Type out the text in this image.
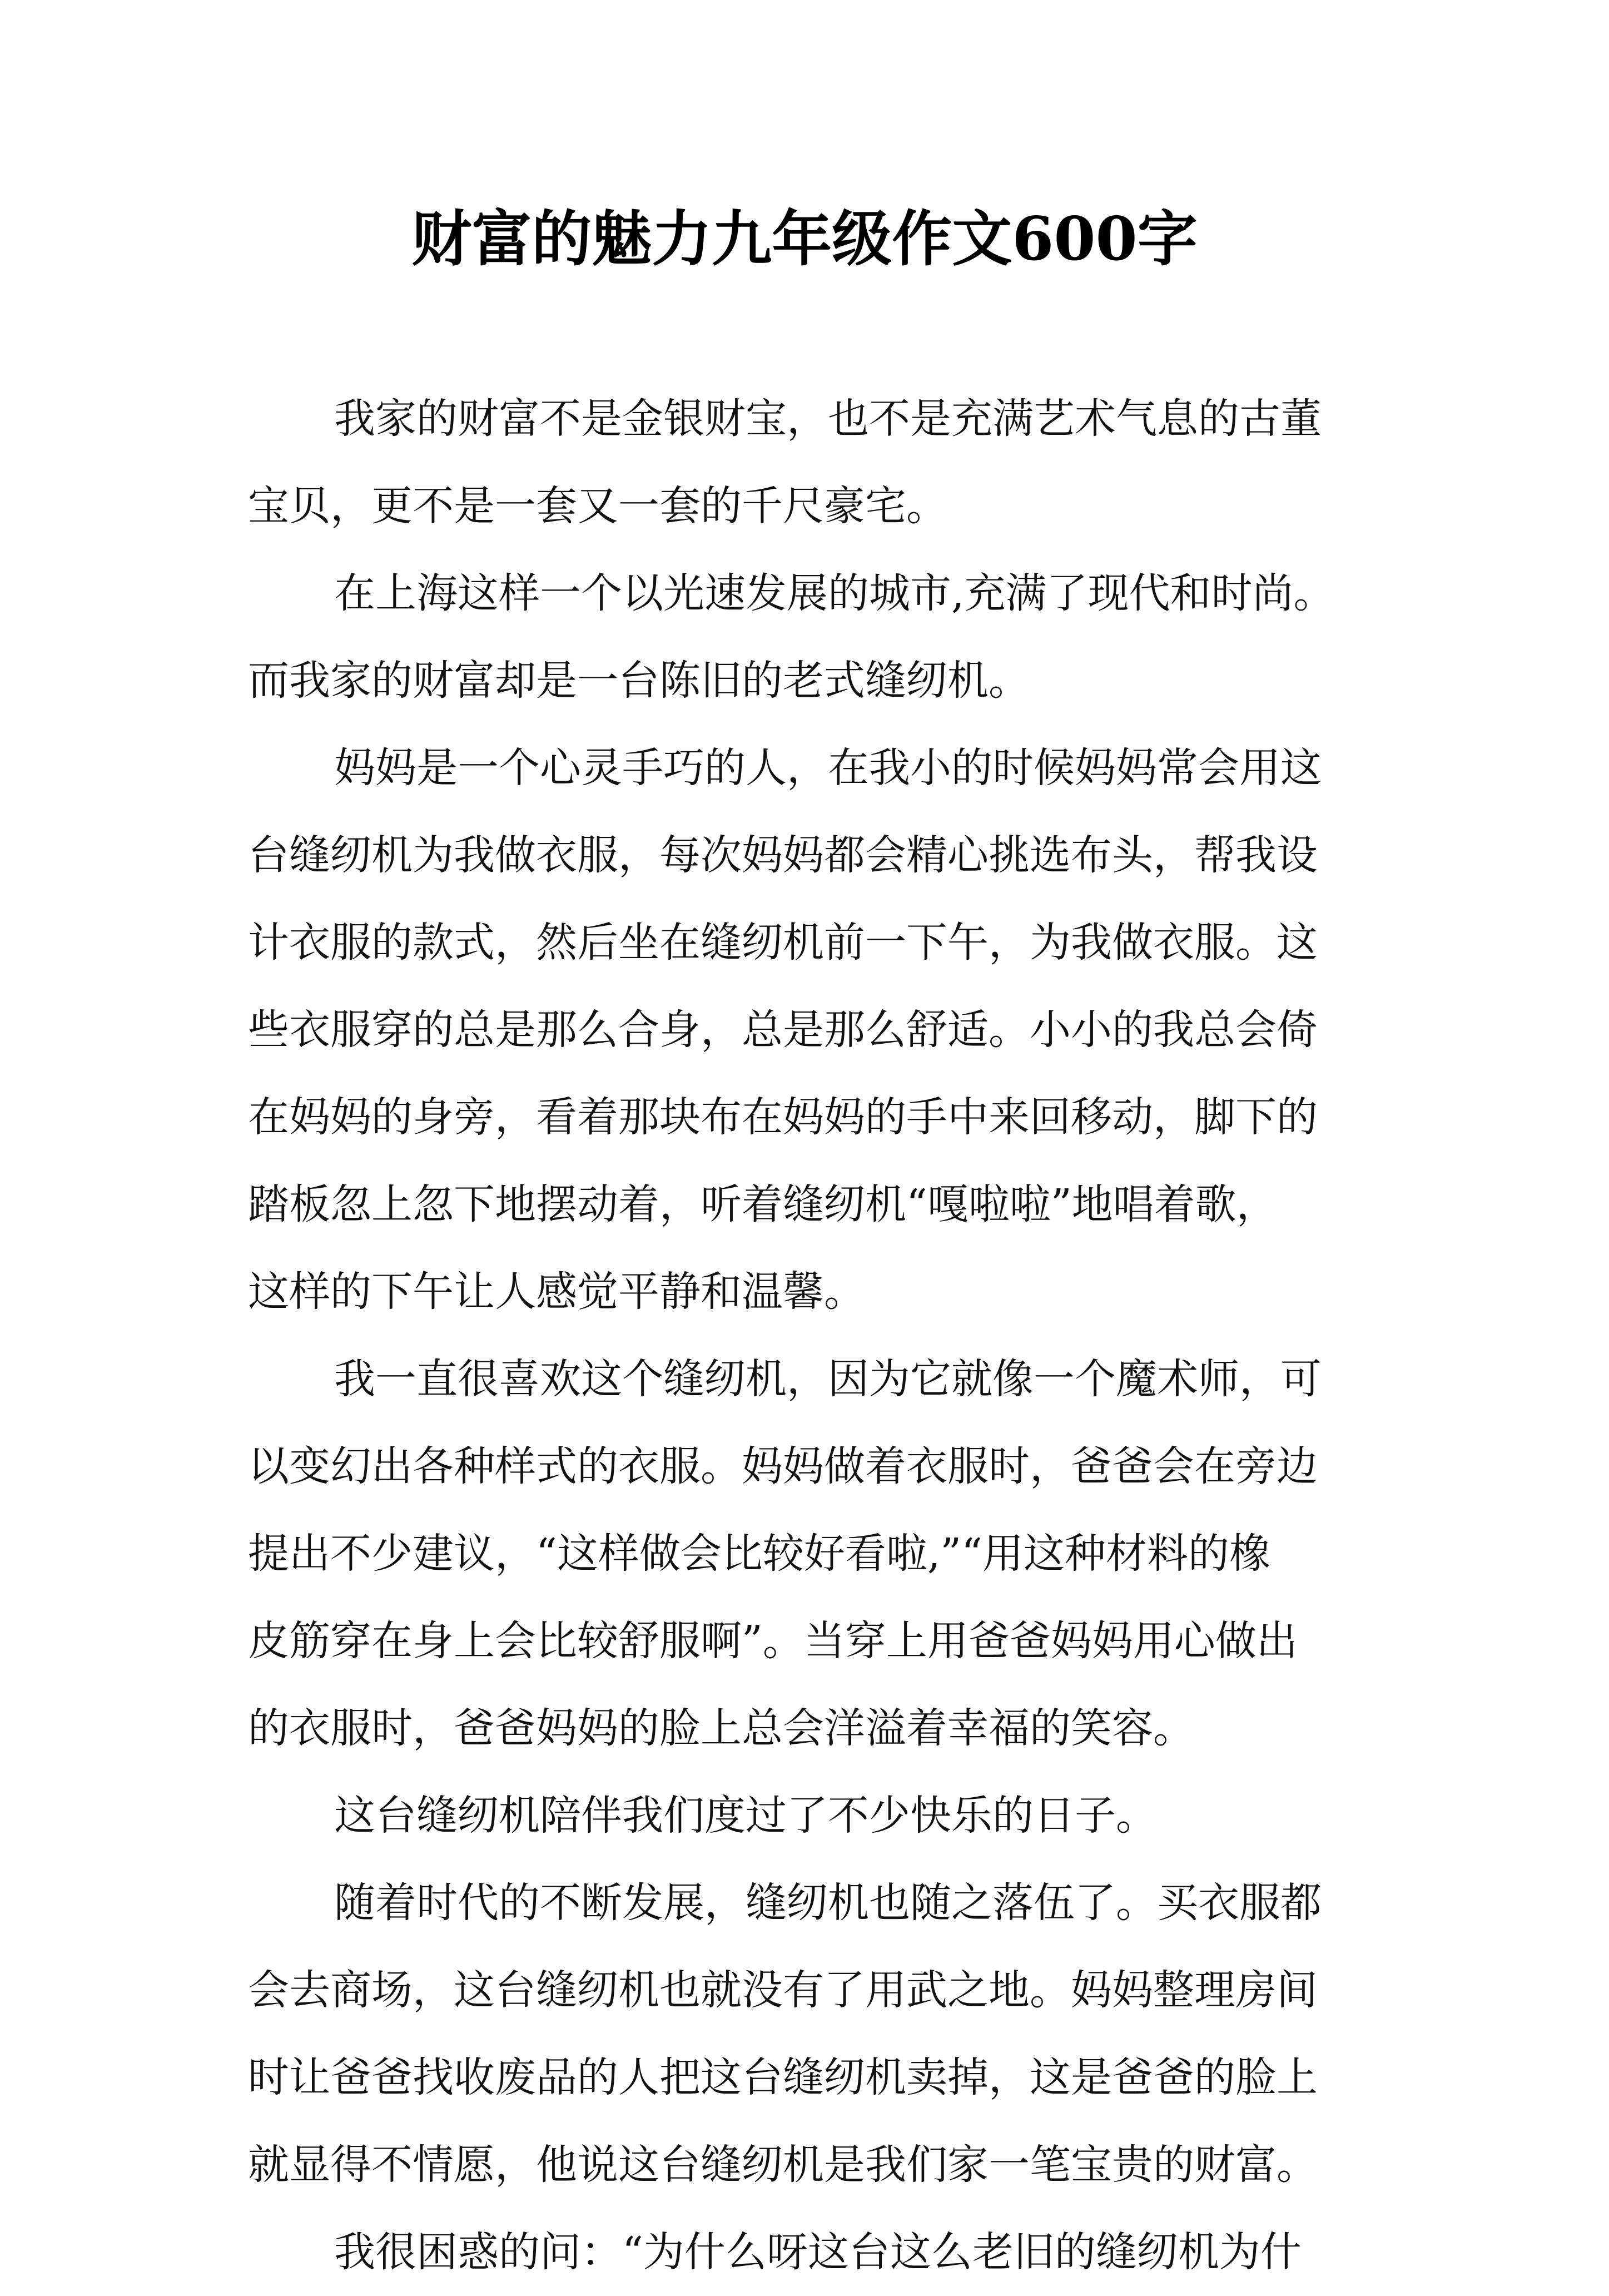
财富的魅力九年级作文600字
我家的财富不是金银财宝，也不是充满艺术气息的古董
宝贝，更不是一套又一套的千尺豪宅。
在上海这样一个以光速发展的城市,充满了现代和时尚。
而我家的财富却是一台陈旧的老式缝纫机。
妈妈是一个心灵手巧的人，在我小的时候妈妈常会用这
台缝纫机为我做衣服，每次妈妈都会精心挑选布头，帮我设
计衣服的款式，然后坐在缝纫机前一下午，为我做衣服。这
些衣服穿的总是那么合身，总是那么舒适。小小的我总会倚
在妈妈的身旁，看着那块布在妈妈的手中来回移动，脚下的
踏板忽上忽下地摆动着，听着缝纫机“嘎啦啦”地唱着歌，
这样的下午让人感觉平静和温馨。
我一直很喜欢这个缝纫机，因为它就像一个魔术师，可
以变幻出各种样式的衣服。妈妈做着衣服时，爸爸会在旁边
提出不少建议，“这样做会比较好看啦,”“用这种材料的橡
皮筋穿在身上会比较舒服啊”。当穿上用爸爸妈妈用心做出
的衣服时，爸爸妈妈的脸上总会洋溢着幸福的笑容。
这台缝纫机陪伴我们度过了不少快乐的日子。
随着时代的不断发展，缝纫机也随之落伍了。买衣服都
会去商场，这台缝纫机也就没有了用武之地。妈妈整理房间
时让爸爸找收废品的人把这台缝纫机卖掉，这是爸爸的脸上
就显得不情愿，他说这台缝纫机是我们家一笔宝贵的财富。
我很困惑的问：“为什么呀这台这么老旧的缝纫机为什
